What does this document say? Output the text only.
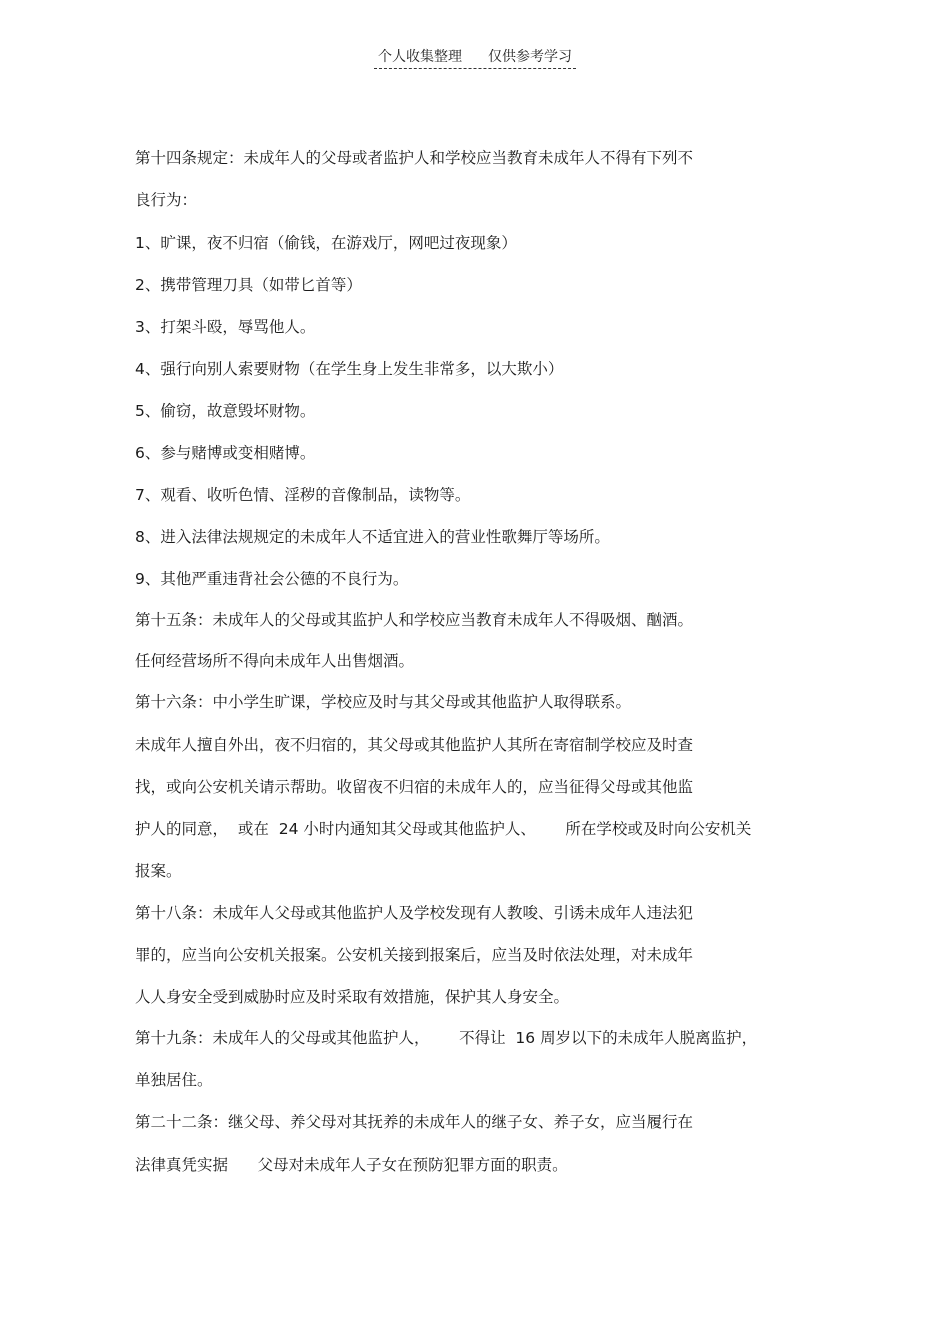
个人收集整理 仅供参考学习
第十四条规定：未成年人的父母或者监护人和学校应当教育未成年人不得有下列不
良行为：
1、旷课，夜不归宿（偷钱，在游戏厅，网吧过夜现象）
2、携带管理刀具（如带匕首等）
3、打架斗殴，辱骂他人。
4、强行向别人索要财物（在学生身上发生非常多，以大欺小）
5、偷窃，故意毁坏财物。
6、参与赌博或变相赌博。
7、观看、收听色情、淫秽的音像制品，读物等。
8、进入法律法规规定的未成年人不适宜进入的营业性歌舞厅等场所。
9、其他严重违背社会公德的不良行为。
第十五条：未成年人的父母或其监护人和学校应当教育未成年人不得吸烟、酗酒。
任何经营场所不得向未成年人出售烟酒。
第十六条：中小学生旷课，学校应及时与其父母或其他监护人取得联系。
未成年人擅自外出，夜不归宿的，其父母或其他监护人其所在寄宿制学校应及时查
找，或向公安机关请示帮助。收留夜不归宿的未成年人的，应当征得父母或其他监
护人的同意，  或在  24 小时内通知其父母或其他监护人、      所在学校或及时向公安机关
报案。
第十八条：未成年人父母或其他监护人及学校发现有人教唆、引诱未成年人违法犯
罪的，应当向公安机关报案。公安机关接到报案后，应当及时依法处理，对未成年
人人身安全受到威胁时应及时采取有效措施，保护其人身安全。
第十九条：未成年人的父母或其他监护人，      不得让  16 周岁以下的未成年人脱离监护，
单独居住。
第二十二条：继父母、养父母对其抚养的未成年人的继子女、养子女，应当履行在
法律真凭实据      父母对未成年人子女在预防犯罪方面的职责。
